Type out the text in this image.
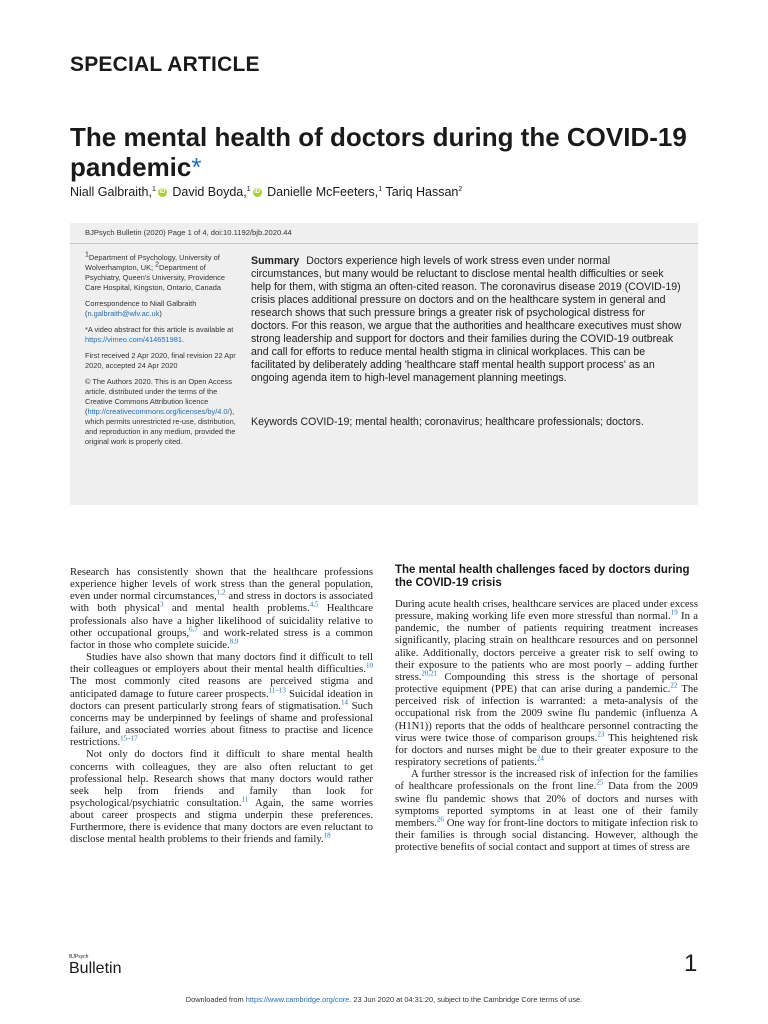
SPECIAL ARTICLE
The mental health of doctors during the COVID-19 pandemic*
Niall Galbraith,$^1$ iD David Boyda,$^1$ iD Danielle McFeeters,$^1$ Tariq Hassan$^2$
BJPsych Bulletin (2020) Page 1 of 4, doi:10.1192/bjb.2020.44

$^1$Department of Psychology, University of Wolverhampton, UK; $^2$Department of Psychiatry, Queen's University, Providence Care Hospital, Kingston, Ontario, Canada

Correspondence to Niall Galbraith (n.galbraith@wlv.ac.uk)

*A video abstract for this article is available at https://vimeo.com/414651981.

First received 2 Apr 2020, final revision 22 Apr 2020, accepted 24 Apr 2020

© The Authors 2020. This is an Open Access article, distributed under the terms of the Creative Commons Attribution licence (http://creativecommons.org/licenses/by/4.0/), which permits unrestricted re-use, distribution, and reproduction in any medium, provided the original work is properly cited.

Summary Doctors experience high levels of work stress even under normal circumstances, but many would be reluctant to disclose mental health difficulties or seek help for them, with stigma an often-cited reason. The coronavirus disease 2019 (COVID-19) crisis places additional pressure on doctors and on the healthcare system in general and research shows that such pressure brings a greater risk of psychological distress for doctors. For this reason, we argue that the authorities and healthcare executives must show strong leadership and support for doctors and their families during the COVID-19 outbreak and call for efforts to reduce mental health stigma in clinical workplaces. This can be facilitated by deliberately adding 'healthcare staff mental health support process' as an ongoing agenda item to high-level management planning meetings.
Keywords COVID-19; mental health; coronavirus; healthcare professionals; doctors.

Research has consistently shown that the healthcare professions experience higher levels of work stress than the general population, even under normal circumstances,$^{1,2}$ and stress in doctors is associated with both physical$^3$ and mental health problems.$^{4,5}$ Healthcare professionals also have a higher likelihood of suicidality relative to other occupational groups,$^{6,7}$ and work-related stress is a common factor in those who complete suicide.$^{8,9}$

Studies have also shown that many doctors find it difficult to tell their colleagues or employers about their mental health difficulties.$^{10}$ The most commonly cited reasons are perceived stigma and anticipated damage to future career prospects.$^{11-13}$ Suicidal ideation in doctors can present particularly strong fears of stigmatisation.$^{14}$ Such concerns may be underpinned by feelings of shame and professional failure, and associated worries about fitness to practise and licence restrictions.$^{15-17}$

Not only do doctors find it difficult to share mental health concerns with colleagues, they are also often reluctant to get professional help. Research shows that many doctors would rather seek help from friends and family than look for psychological/psychiatric consultation.$^{11}$ Again, the same worries about career prospects and stigma underpin these preferences. Furthermore, there is evidence that many doctors are even reluctant to disclose mental health problems to their friends and family.$^{18}$

The mental health challenges faced by doctors during the COVID-19 crisis

During acute health crises, healthcare services are placed under excess pressure, making working life even more stressful than normal.$^{19}$ In a pandemic, the number of patients requiring treatment increases significantly, placing strain on healthcare resources and on personnel alike. Additionally, doctors perceive a greater risk to self owing to their exposure to the patients who are most poorly – adding further stress.$^{20,21}$ Compounding this stress is the shortage of personal protective equipment (PPE) that can arise during a pandemic.$^{22}$ The perceived risk of infection is warranted: a meta-analysis of the occupational risk from the 2009 swine flu pandemic (influenza A (H1N1)) reports that the odds of healthcare personnel contracting the virus were twice those of comparison groups.$^{23}$ This heightened risk for doctors and nurses might be due to their greater exposure to the respiratory secretions of patients.$^{24}$

A further stressor is the increased risk of infection for the families of healthcare professionals on the front line.$^{25}$ Data from the 2009 swine flu pandemic shows that 20% of doctors and nurses with symptoms reported symptoms in at least one of their family members.$^{26}$ One way for front-line doctors to mitigate infection risk to their families is through social distancing. However, although the protective benefits of social contact and support at times of stress are

BJPsych
Bulletin	1
Downloaded from https://www.cambridge.org/core. 23 Jun 2020 at 04:31:20, subject to the Cambridge Core terms of use.
